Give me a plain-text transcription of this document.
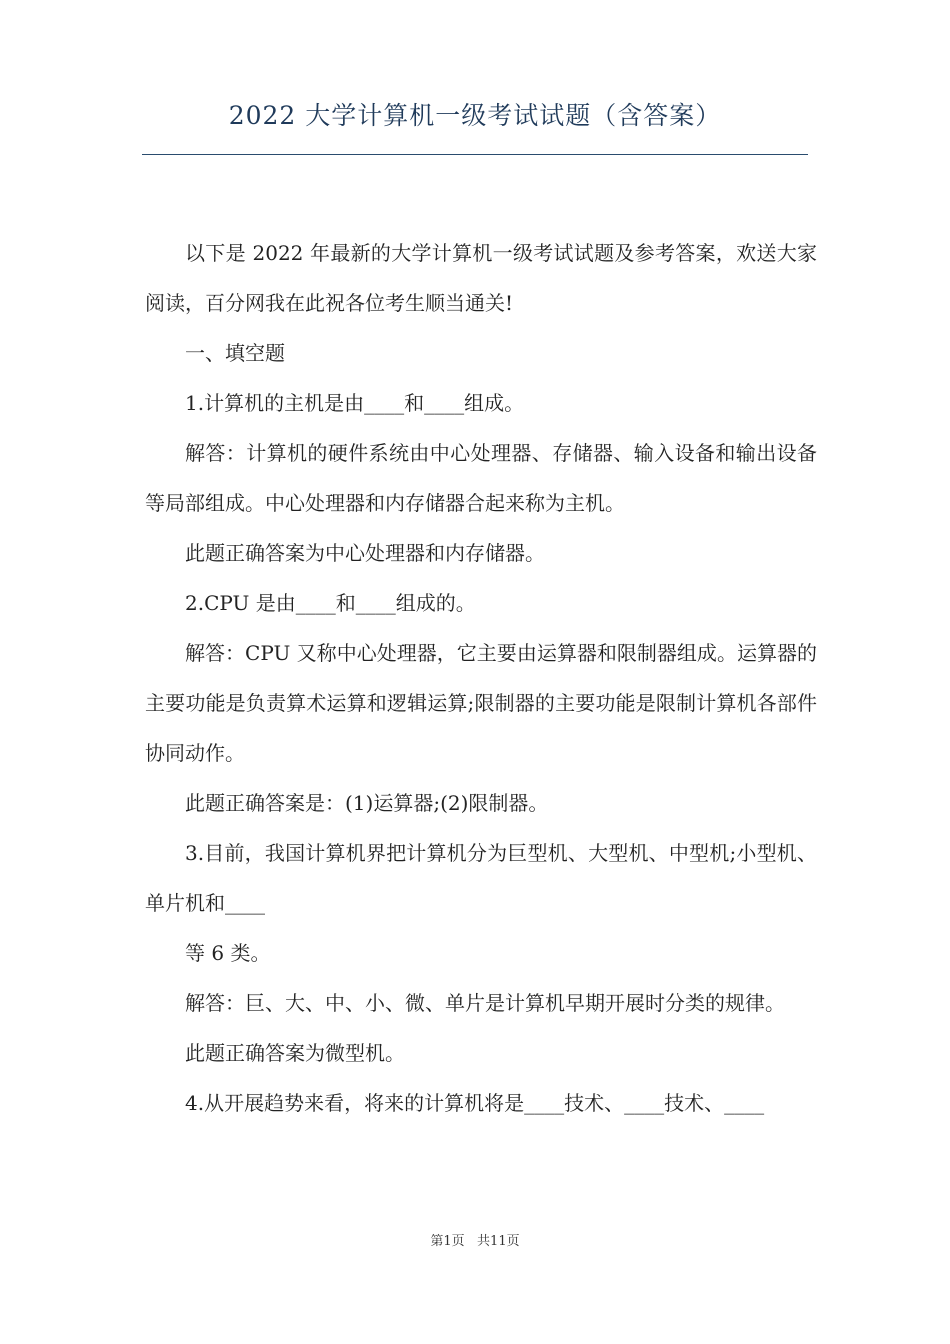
2022 大学计算机一级考试试题（含答案）

以下是 2022 年最新的大学计算机一级考试试题及参考答案，欢送大家阅读，百分网我在此祝各位考生顺当通关!

一、填空题

1.计算机的主机是由____和____组成。

解答：计算机的硬件系统由中心处理器、存储器、输入设备和输出设备等局部组成。中心处理器和内存储器合起来称为主机。

此题正确答案为中心处理器和内存储器。

2.CPU 是由____和____组成的。

解答：CPU 又称中心处理器，它主要由运算器和限制器组成。运算器的主要功能是负责算术运算和逻辑运算;限制器的主要功能是限制计算机各部件协同动作。

此题正确答案是：(1)运算器;(2)限制器。

3.目前，我国计算机界把计算机分为巨型机、大型机、中型机;小型机、单片机和____

等 6 类。

解答：巨、大、中、小、微、单片是计算机早期开展时分类的规律。

此题正确答案为微型机。

4.从开展趋势来看，将来的计算机将是____技术、____技术、____

第1页   共11页
